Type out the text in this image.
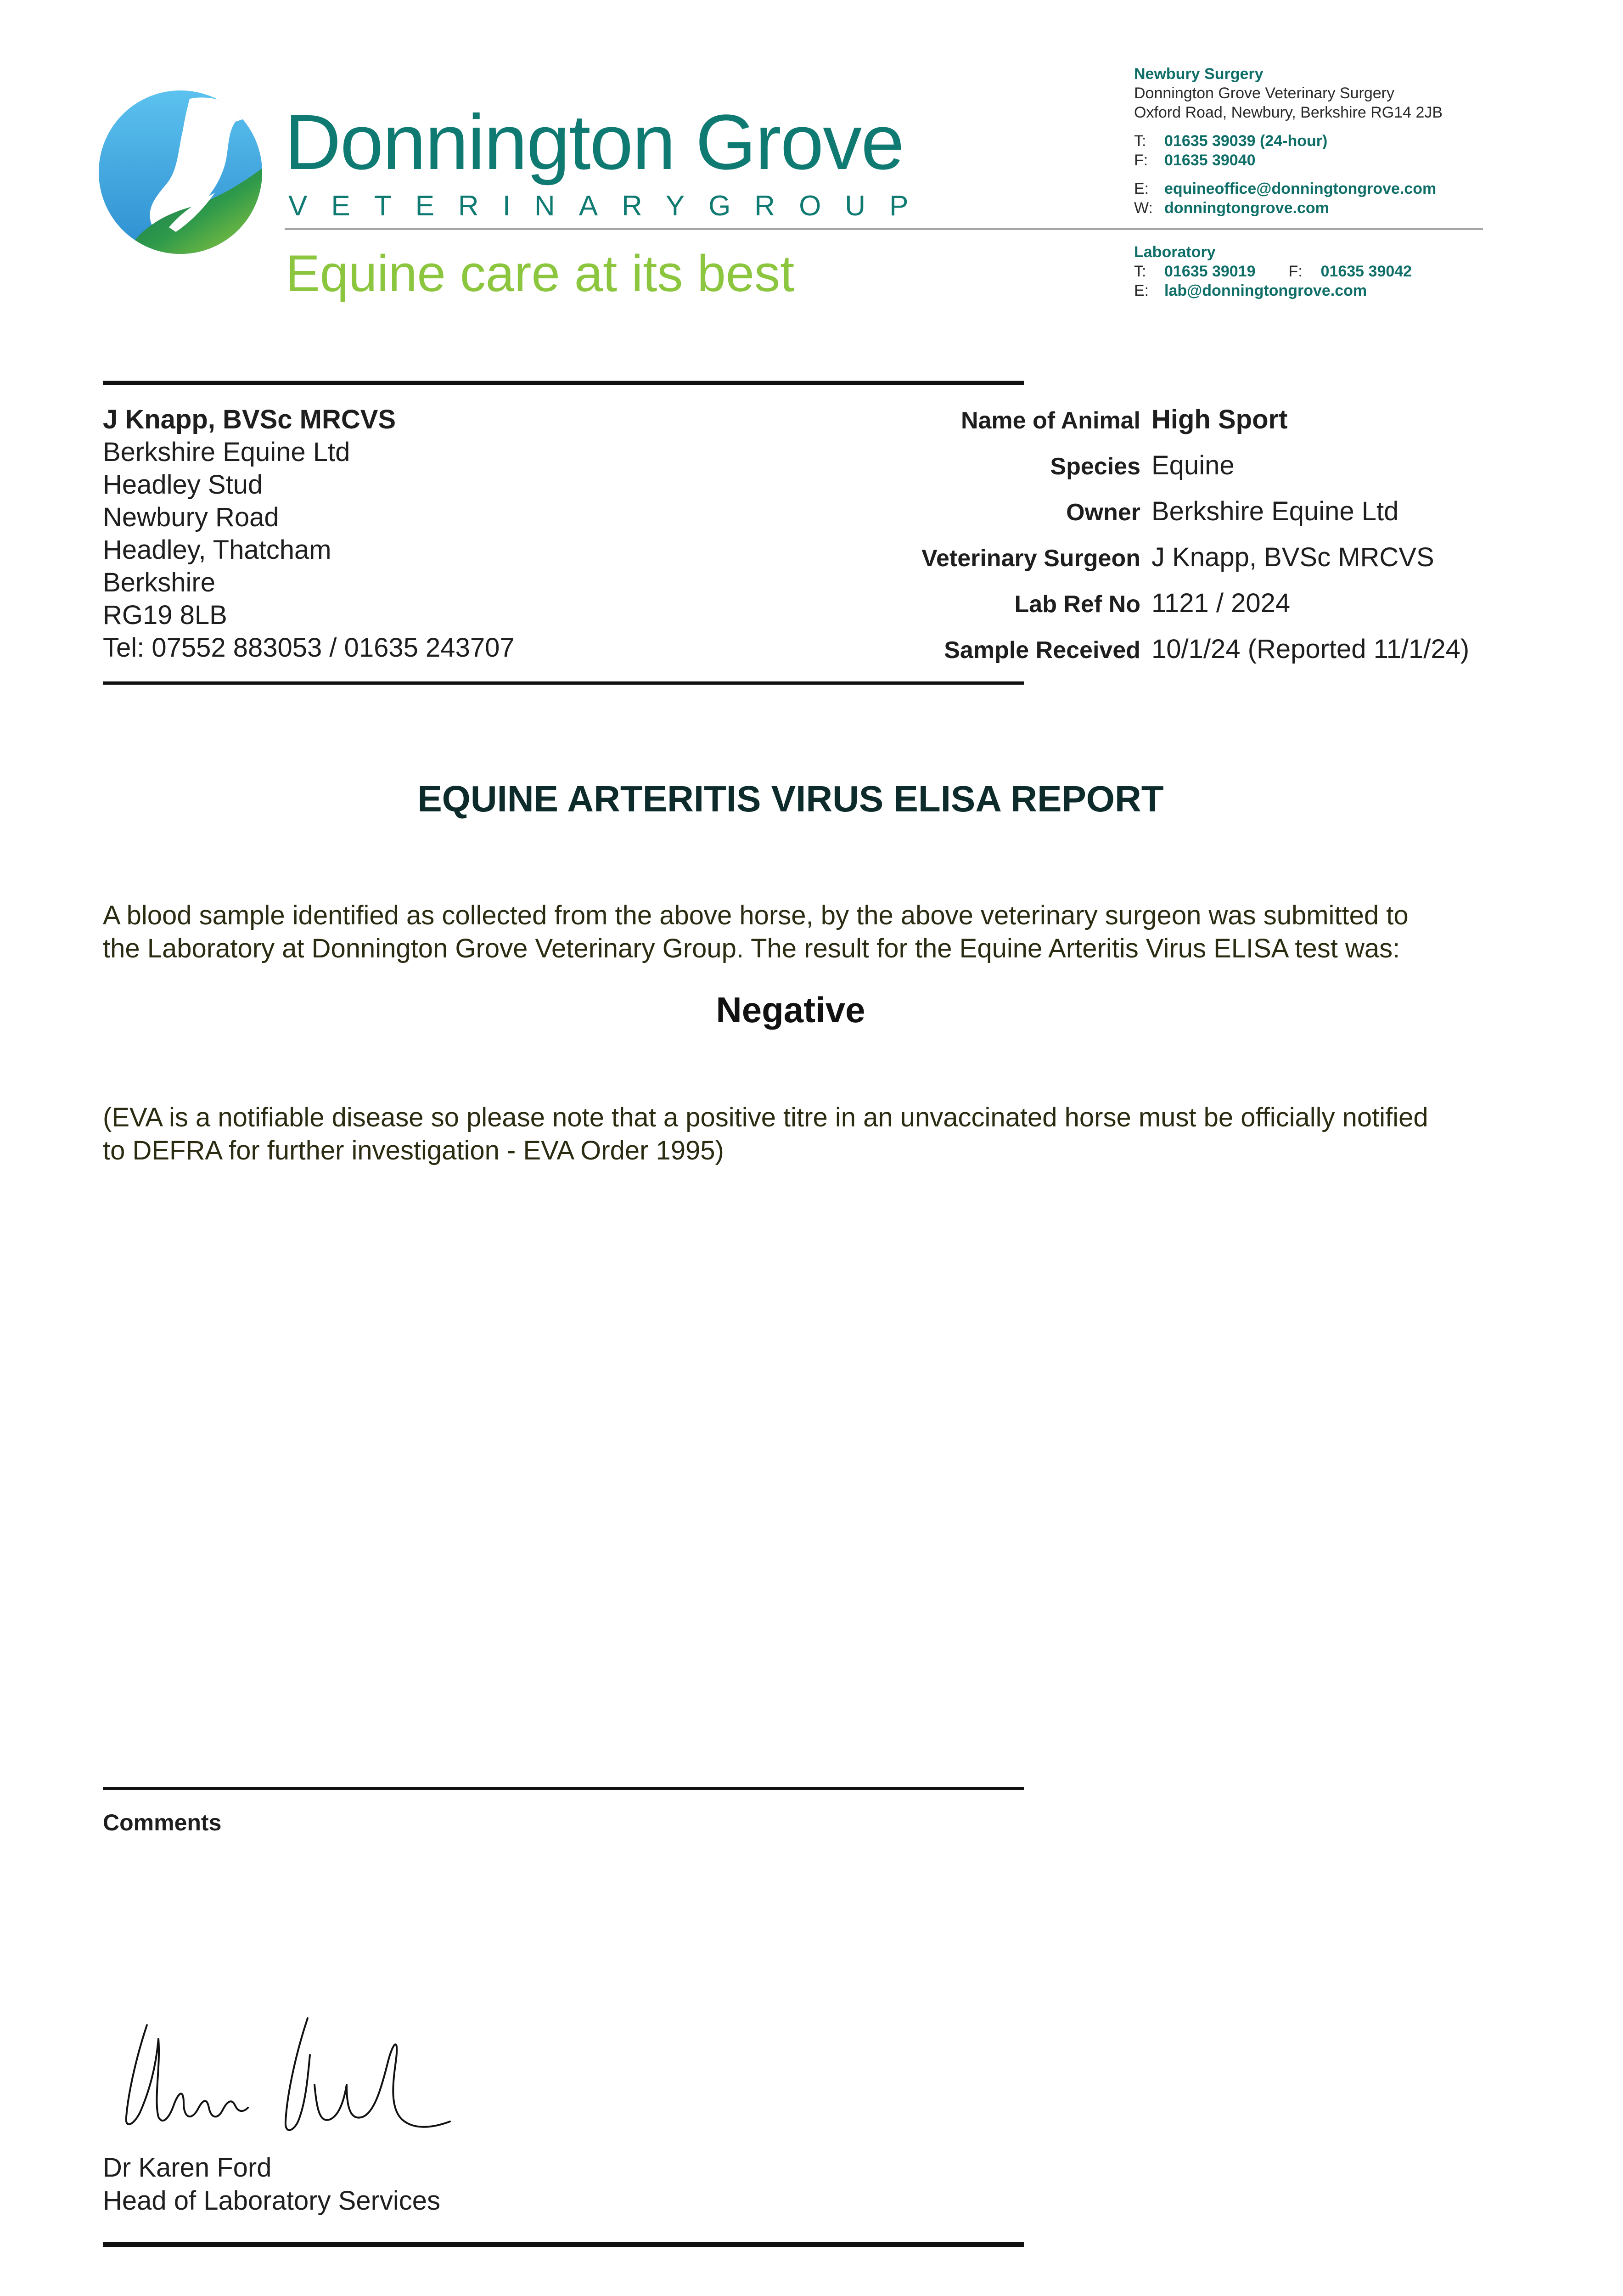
Donnington Grove
VETERINARY GROUP
Equine care at its best
Newbury Surgery
Donnington Grove Veterinary Surgery
Oxford Road, Newbury, Berkshire RG14 2JB
T: 01635 39039 (24-hour)
F: 01635 39040
E: equineoffice@donningtongrove.com
W: donningtongrove.com
Laboratory
T: 01635 39019 F: 01635 39042
E: lab@donningtongrove.com
J Knapp, BVSc MRCVS
Berkshire Equine Ltd
Headley Stud
Newbury Road
Headley, Thatcham
Berkshire
RG19 8LB
Tel: 07552 883053 / 01635 243707
Name of Animal High Sport
Species Equine
Owner Berkshire Equine Ltd
Veterinary Surgeon J Knapp, BVSc MRCVS
Lab Ref No 1121 / 2024
Sample Received 10/1/24 (Reported 11/1/24)
EQUINE ARTERITIS VIRUS ELISA REPORT
A blood sample identified as collected from the above horse, by the above veterinary surgeon was submitted to
the Laboratory at Donnington Grove Veterinary Group. The result for the Equine Arteritis Virus ELISA test was:
Negative
(EVA is a notifiable disease so please note that a positive titre in an unvaccinated horse must be officially notified
to DEFRA for further investigation - EVA Order 1995)
Comments
Dr Karen Ford
Head of Laboratory Services
